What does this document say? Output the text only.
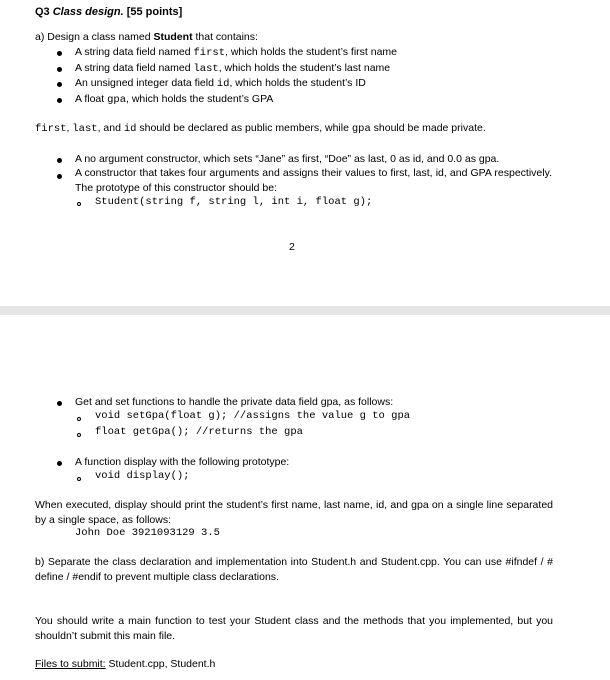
Q3 Class design. [55 points]
a) Design a class named Student that contains:
A string data field named first, which holds the student’s first name
A string data field named last, which holds the student’s last name
An unsigned integer data field id, which holds the student’s ID
A float gpa, which holds the student’s GPA
first, last, and id should be declared as public members, while gpa should be made private.
A no argument constructor, which sets “Jane” as first, “Doe” as last, 0 as id, and 0.0 as gpa.
A constructor that takes four arguments and assigns their values to first, last, id, and GPA respectively. The prototype of this constructor should be:
Student(string f, string l, int i, float g);
2
Get and set functions to handle the private data field gpa, as follows:
void setGpa(float g); //assigns the value g to gpa
float getGpa(); //returns the gpa
A function display with the following prototype:
void display();
When executed, display should print the student’s first name, last name, id, and gpa on a single line separated by a single space, as follows:
John Doe 3921093129 3.5
b) Separate the class declaration and implementation into Student.h and Student.cpp. You can use #ifndef / # define / #endif to prevent multiple class declarations.
You should write a main function to test your Student class and the methods that you implemented, but you shouldn’t submit this main file.
Files to submit: Student.cpp, Student.h
